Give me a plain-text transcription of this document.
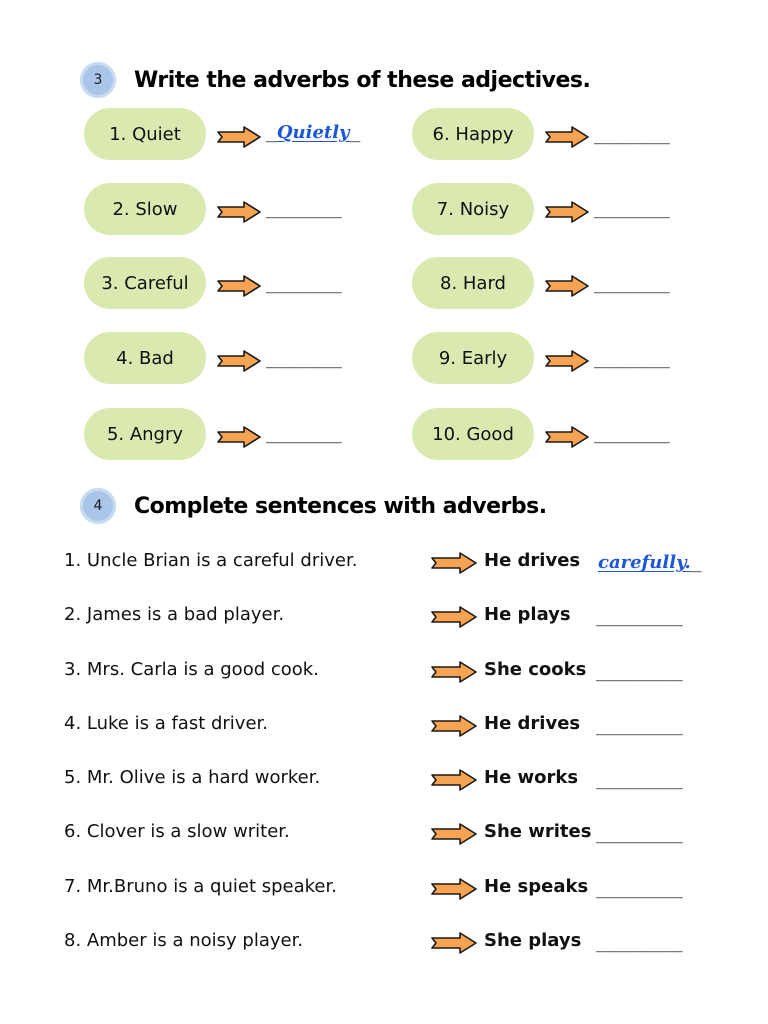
3	Write the adverbs of these adjectives.
1. Quiet
2. Slow
3. Careful
4. Bad
5. Angry
6. Happy
7. Noisy
8. Hard
9. Early
10. Good
_Quietly_
_______
_______
_______
_______
_______
_______
_______
_______
_______
4	Complete sentences with adverbs.
1. Uncle Brian is a careful driver.
2. James is a bad player.
3. Mrs. Carla is a good cook.
4. Luke is a fast driver.
5. Mr. Olive is a hard worker.
6. Clover is a slow writer.
7. Mr.Bruno is a quiet speaker.
8. Amber is a noisy player.
He drives
He plays
She cooks
He drives
He works
She writes
He speaks
She plays
carefully._
________
________
________
________
________
________
________
